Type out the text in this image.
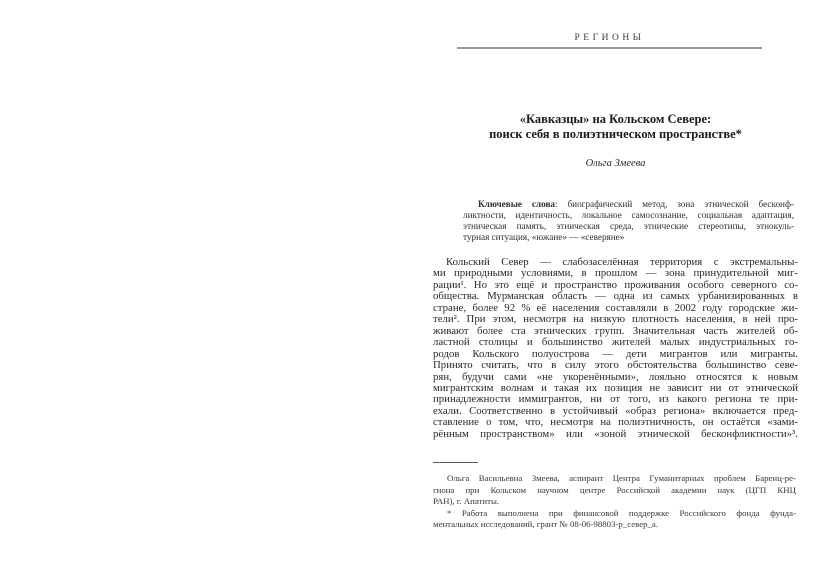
РЕГИОНЫ
«Кавказцы» на Кольском Севере:
поиск себя в полиэтническом пространстве*
Ольга Змеева
Ключевые слова: биографический метод, зона этнической бесконф-
ликтности, идентичность, локальное самосознание, социальная адаптация,
этническая память, этническая среда, этнические стереотипы, этнокуль-
турная ситуация, «южане» — «северяне»
Кольский Север — слабозаселённая территория с экстремальны-
ми природными условиями, в прошлом — зона принудительной миг-
рации¹. Но это ещё и пространство проживания особого северного со-
общества. Мурманская область — одна из самых урбанизированных в
стране, более 92 % её населения составляли в 2002 году городские жи-
тели². При этом, несмотря на низкую плотность населения, в ней про-
живают более ста этнических групп. Значительная часть жителей об-
ластной столицы и большинство жителей малых индустриальных го-
родов Кольского полуострова — дети мигрантов или мигранты.
Принято считать, что в силу этого обстоятельства большинство севе-
рян, будучи сами «не укоренёнными», лояльно относятся к новым
мигрантским волнам и такая их позиция не зависит ни от этнической
принадлежности иммигрантов, ни от того, из какого региона те при-
ехали. Соответственно в устойчивый «образ региона» включается пред-
ставление о том, что, несмотря на полиэтничность, он остаётся «зами-
рённым пространством» или «зоной этнической бесконфликтности»³.
Ольга Васильевна Змеева, аспирант Центра Гуманитарных проблем Баренц-ре-
гиона при Кольском научном центре Российской академии наук (ЦГП КНЦ
РАН), г. Апатиты.
* Работа выполнена при финансовой поддержке Российского фонда фунда-
ментальных исследований, грант № 08-06-98803-р_север_а.
